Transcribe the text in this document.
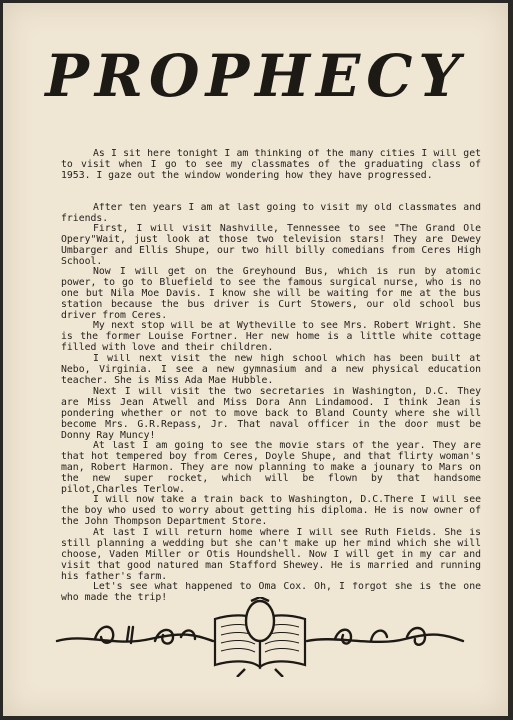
PROPHECY

As I sit here tonight I am thinking of the many cities I will get to visit when I go to see my classmates of the graduating class of 1953. I gaze out the window wondering how they have progressed.

After ten years I am at last going to visit my old classmates and friends.

First, I will visit Nashville, Tennessee to see "The Grand Ole Opery"Wait, just look at those two television stars! They are Dewey Umbarger and Ellis Shupe, our two hill billy comedians from Ceres High School.

Now I will get on the Greyhound Bus, which is run by atomic power, to go to Bluefield to see the famous surgical nurse, who is no one but Nila Moe Davis. I know she will be waiting for me at the bus station because the bus driver is Curt Stowers, our old school bus driver from Ceres.

My next stop will be at Wytheville to see Mrs. Robert Wright. She is the former Louise Fortner. Her new home is a little white cottage filled with love and their children.

I will next visit the new high school which has been built at Nebo, Virginia. I see a new gymnasium and a new physical education teacher. She is Miss Ada Mae Hubble.

Next I will visit the two secretaries in Washington, D.C. They are Miss Jean Atwell and Miss Dora Ann Lindamood. I think Jean is pondering whether or not to move back to Bland County where she will become Mrs. G.R.Repass, Jr. That naval officer in the door must be Donny Ray Muncy!

At last I am going to see the movie stars of the year. They are that hot tempered boy from Ceres, Doyle Shupe, and that flirty woman's man, Robert Harmon. They are now planning to make a jounary to Mars on the new super rocket, which will be flown by that handsome pilot,Charles Terlow.

I will now take a train back to Washington, D.C.There I will see the boy who used to worry about getting his diploma. He is now owner of the John Thompson Department Store.

At last I will return home where I will see Ruth Fields. She is still planning a wedding but she can't make up her mind which she will choose, Vaden Miller or Otis Houndshell. Now I will get in my car and visit that good natured man Stafford Shewey. He is married and running his father's farm.

Let's see what happened to Oma Cox. Oh, I forgot she is the one who made the trip!
